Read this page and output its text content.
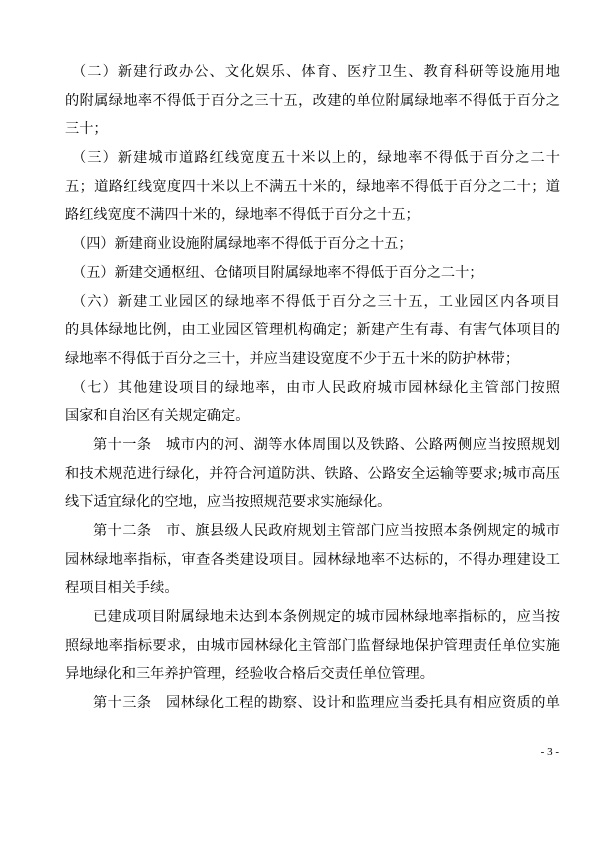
（二）新建行政办公、文化娱乐、体育、医疗卫生、教育科研等设施用地
的附属绿地率不得低于百分之三十五，改建的单位附属绿地率不得低于百分之
三十；
（三）新建城市道路红线宽度五十米以上的，绿地率不得低于百分之二十
五；道路红线宽度四十米以上不满五十米的，绿地率不得低于百分之二十；道
路红线宽度不满四十米的，绿地率不得低于百分之十五；
（四）新建商业设施附属绿地率不得低于百分之十五；
（五）新建交通枢纽、仓储项目附属绿地率不得低于百分之二十；
（六）新建工业园区的绿地率不得低于百分之三十五，工业园区内各项目
的具体绿地比例，由工业园区管理机构确定；新建产生有毒、有害气体项目的
绿地率不得低于百分之三十，并应当建设宽度不少于五十米的防护林带；
（七）其他建设项目的绿地率，由市人民政府城市园林绿化主管部门按照
国家和自治区有关规定确定。
第十一条　城市内的河、湖等水体周围以及铁路、公路两侧应当按照规划
和技术规范进行绿化，并符合河道防洪、铁路、公路安全运输等要求;城市高压
线下适宜绿化的空地，应当按照规范要求实施绿化。
第十二条　市、旗县级人民政府规划主管部门应当按照本条例规定的城市
园林绿地率指标，审查各类建设项目。园林绿地率不达标的，不得办理建设工
程项目相关手续。
已建成项目附属绿地未达到本条例规定的城市园林绿地率指标的，应当按
照绿地率指标要求，由城市园林绿化主管部门监督绿地保护管理责任单位实施
异地绿化和三年养护管理，经验收合格后交责任单位管理。
第十三条　园林绿化工程的勘察、设计和监理应当委托具有相应资质的单
- 3 -
